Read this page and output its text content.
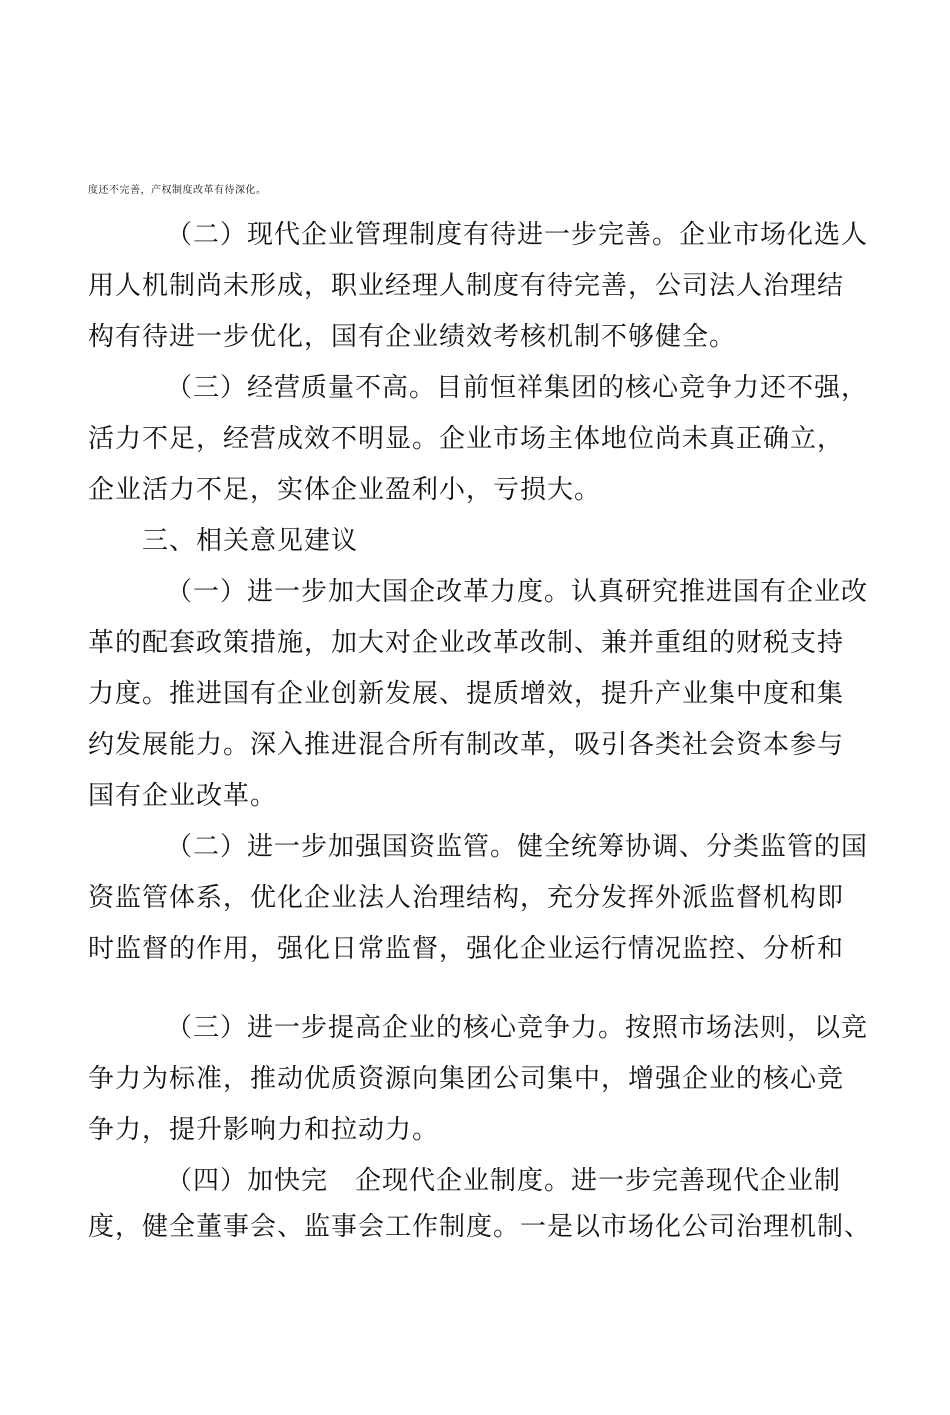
度还不完善，产权制度改革有待深化。
（二）现代企业管理制度有待进一步完善。企业市场化选人
用人机制尚未形成，职业经理人制度有待完善，公司法人治理结
构有待进一步优化，国有企业绩效考核机制不够健全。
（三）经营质量不高。目前恒祥集团的核心竞争力还不强，
活力不足，经营成效不明显。企业市场主体地位尚未真正确立，
企业活力不足，实体企业盈利小，亏损大。
三、相关意见建议
（一）进一步加大国企改革力度。认真研究推进国有企业改
革的配套政策措施，加大对企业改革改制、兼并重组的财税支持
力度。推进国有企业创新发展、提质增效，提升产业集中度和集
约发展能力。深入推进混合所有制改革，吸引各类社会资本参与
国有企业改革。
（二）进一步加强国资监管。健全统筹协调、分类监管的国
资监管体系，优化企业法人治理结构，充分发挥外派监督机构即
时监督的作用，强化日常监督，强化企业运行情况监控、分析和
（三）进一步提高企业的核心竞争力。按照市场法则，以竞
争力为标准，推动优质资源向集团公司集中，增强企业的核心竞
争力，提升影响力和拉动力。
（四）加快完　企现代企业制度。进一步完善现代企业制
度，健全董事会、监事会工作制度。一是以市场化公司治理机制、
